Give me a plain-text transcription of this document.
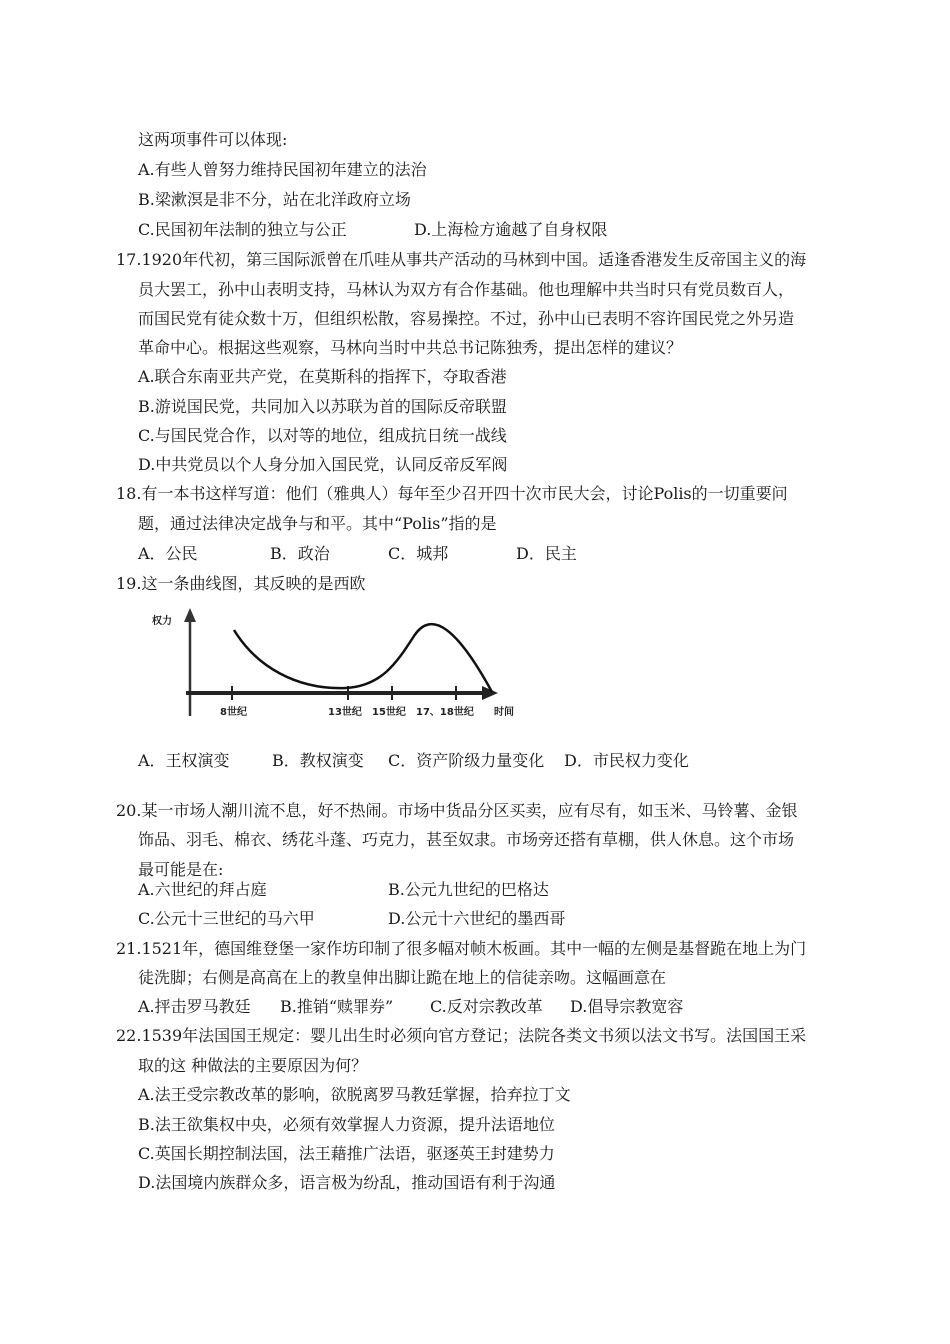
这两项事件可以体现:
A.有些人曾努力维持民国初年建立的法治
B.梁漱溟是非不分，站在北洋政府立场
C.民国初年法制的独立与公正	D.上海检方逾越了自身权限
17.1920年代初，第三国际派曾在爪哇从事共产活动的马林到中国。适逢香港发生反帝国主义的海
员大罢工，孙中山表明支持，马林认为双方有合作基础。他也理解中共当时只有党员数百人，
而国民党有徒众数十万，但组织松散，容易操控。不过，孙中山已表明不容许国民党之外另造
革命中心。根据这些观察，马林向当时中共总书记陈独秀，提出怎样的建议？
A.联合东南亚共产党，在莫斯科的指挥下，夺取香港
B.游说国民党，共同加入以苏联为首的国际反帝联盟
C.与国民党合作，以对等的地位，组成抗日统一战线
D.中共党员以个人身分加入国民党，认同反帝反军阀
18.有一本书这样写道：他们（雅典人）每年至少召开四十次市民大会，讨论Polis的一切重要问
题，通过法律决定战争与和平。其中“Polis”指的是
A．公民	B．政治	C．城邦	D．民主
19.这一条曲线图，其反映的是西欧
权力
8世纪	13世纪 15世纪 17、18世纪 时间
A．王权演变	B．教权演变 C．资产阶级力量变化 D．市民权力变化
20.某一市场人潮川流不息，好不热闹。市场中货品分区买卖，应有尽有，如玉米、马铃薯、金银
饰品、羽毛、棉衣、绣花斗蓬、巧克力，甚至奴隶。市场旁还搭有草棚，供人休息。这个市场
最可能是在:
A.六世纪的拜占庭	B.公元九世纪的巴格达
C.公元十三世纪的马六甲	D.公元十六世纪的墨西哥
21.1521年，德国维登堡一家作坊印制了很多幅对帧木板画。其中一幅的左侧是基督跪在地上为门
徒洗脚；右侧是高高在上的教皇伸出脚让跪在地上的信徒亲吻。这幅画意在
A.抨击罗马教廷 B.推销“赎罪券” C.反对宗教改革 D.倡导宗教宽容
22.1539年法国国王规定：婴儿出生时必须向官方登记；法院各类文书须以法文书写。法国国王采
取的这 种做法的主要原因为何？
A.法王受宗教改革的影响，欲脱离罗马教廷掌握，拾弃拉丁文
B.法王欲集权中央，必须有效掌握人力资源，提升法语地位
C.英国长期控制法国，法王藉推广法语，驱逐英王封建势力
D.法国境内族群众多，语言极为纷乱，推动国语有利于沟通
